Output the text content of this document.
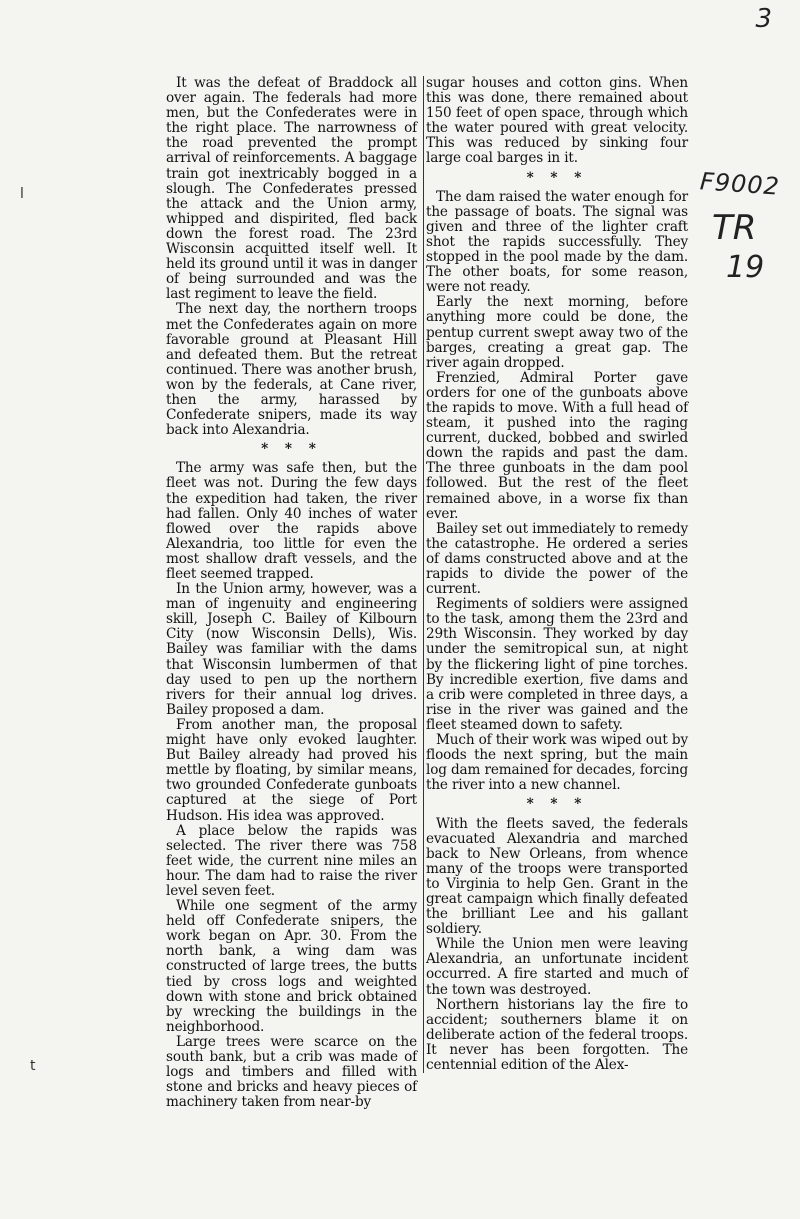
3
F9002
TR
19
l
t

It was the defeat of Braddock all over again. The federals had more men, but the Confederates were in the right place. The narrowness of the road prevented the prompt arrival of reinforcements. A baggage train got inextricably bogged in a slough. The Confederates pressed the attack and the Union army, whipped and dispirited, fled back down the forest road. The 23rd Wisconsin acquitted itself well. It held its ground until it was in danger of being surrounded and was the last regiment to leave the field.

The next day, the northern troops met the Confederates again on more favorable ground at Pleasant Hill and defeated them. But the retreat continued. There was another brush, won by the federals, at Cane river, then the army, harassed by Confederate snipers, made its way back into Alexandria.

* * *

The army was safe then, but the fleet was not. During the few days the expedition had taken, the river had fallen. Only 40 inches of water flowed over the rapids above Alexandria, too little for even the most shallow draft vessels, and the fleet seemed trapped.

In the Union army, however, was a man of ingenuity and engineering skill, Joseph C. Bailey of Kilbourn City (now Wisconsin Dells), Wis. Bailey was familiar with the dams that Wisconsin lumbermen of that day used to pen up the northern rivers for their annual log drives. Bailey proposed a dam.

From another man, the proposal might have only evoked laughter. But Bailey already had proved his mettle by floating, by similar means, two grounded Confederate gunboats captured at the siege of Port Hudson. His idea was approved.

A place below the rapids was selected. The river there was 758 feet wide, the current nine miles an hour. The dam had to raise the river level seven feet.

While one segment of the army held off Confederate snipers, the work began on Apr. 30. From the north bank, a wing dam was constructed of large trees, the butts tied by cross logs and weighted down with stone and brick obtained by wrecking the buildings in the neighborhood.

Large trees were scarce on the south bank, but a crib was made of logs and timbers and filled with stone and bricks and heavy pieces of machinery taken from near-by

sugar houses and cotton gins. When this was done, there remained about 150 feet of open space, through which the water poured with great velocity. This was reduced by sinking four large coal barges in it.

* * *

The dam raised the water enough for the passage of boats. The signal was given and three of the lighter craft shot the rapids successfully. They stopped in the pool made by the dam. The other boats, for some reason, were not ready.

Early the next morning, before anything more could be done, the pentup current swept away two of the barges, creating a great gap. The river again dropped.

Frenzied, Admiral Porter gave orders for one of the gunboats above the rapids to move. With a full head of steam, it pushed into the raging current, ducked, bobbed and swirled down the rapids and past the dam. The three gunboats in the dam pool followed. But the rest of the fleet remained above, in a worse fix than ever.

Bailey set out immediately to remedy the catastrophe. He ordered a series of dams constructed above and at the rapids to divide the power of the current.

Regiments of soldiers were assigned to the task, among them the 23rd and 29th Wisconsin. They worked by day under the semitropical sun, at night by the flickering light of pine torches. By incredible exertion, five dams and a crib were completed in three days, a rise in the river was gained and the fleet steamed down to safety.

Much of their work was wiped out by floods the next spring, but the main log dam remained for decades, forcing the river into a new channel.

* * *

With the fleets saved, the federals evacuated Alexandria and marched back to New Orleans, from whence many of the troops were transported to Virginia to help Gen. Grant in the great campaign which finally defeated the brilliant Lee and his gallant soldiery.

While the Union men were leaving Alexandria, an unfortunate incident occurred. A fire started and much of the town was destroyed.

Northern historians lay the fire to accident; southerners blame it on deliberate action of the federal troops. It never has been forgotten. The centennial edition of the Alex-
